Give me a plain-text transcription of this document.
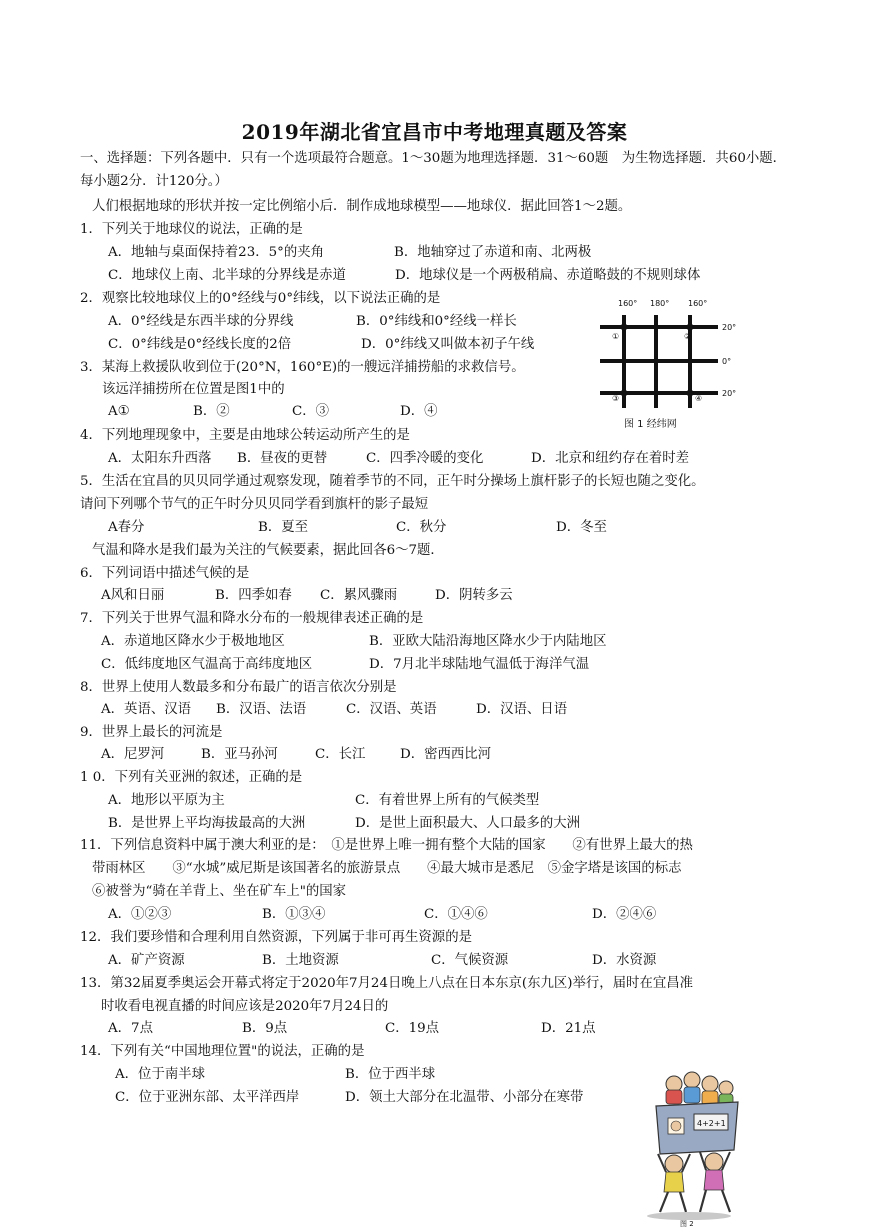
2019年湖北省宜昌市中考地理真题及答案
一、选择题：下列各题中．只有一个选项最符合题意。1～30题为地理选择题．31～60题　为生物选择题．共60小题．每小题2分．计120分。）
人们根据地球的形状并按一定比例缩小后．制作成地球模型——地球仪．据此回答1～2题。
1．下列关于地球仪的说法，正确的是
A．地轴与桌面保持着23．5°的夹角	B．地轴穿过了赤道和南、北两极
C．地球仪上南、北半球的分界线是赤道	D．地球仪是一个两极稍扁、赤道略鼓的不规则球体
2．观察比较地球仪上的0°经线与0°纬线，以下说法正确的是
A．0°经线是东西半球的分界线	B．0°纬线和0°经线一样长
C．0°纬线是0°经线长度的2倍	D．0°纬线又叫做本初子午线
3．某海上救援队收到位于(20°N，160°E)的一艘远洋捕捞船的求救信号。
该远洋捕捞所在位置是图1中的
A①	B．②	C．③	D．④
160° 180° 160°
20°
0°
20°
①	②
③	④
图 1 经纬网
4．下列地理现象中，主要是由地球公转运动所产生的是
A．太阳东升西落 B．昼夜的更替	C．四季冷暖的变化	D．北京和纽约存在着时差
5．生活在宜昌的贝贝同学通过观察发现，随着季节的不同，正午时分操场上旗杆影子的长短也随之变化。
请问下列哪个节气的正午时分贝贝同学看到旗杆的影子最短
A春分	B．夏至	C．秋分	D．冬至
气温和降水是我们最为关注的气候要素，据此回各6～7题．
6．下列词语中描述气候的是
A风和日丽	B．四季如春 C．累风骤雨	D．阴转多云
7．下列关于世界气温和降水分布的一般规律表述正确的是
A．赤道地区降水少于极地地区	B．亚欧大陆沿海地区降水少于内陆地区
C．低纬度地区气温高于高纬度地区	D．7月北半球陆地气温低于海洋气温
8．世界上使用人数最多和分布最广的语言依次分别是
A．英语、汉语 B．汉语、法语	C．汉语、英语	D．汉语、日语
9．世界上最长的河流是
A．尼罗河	B．亚马孙河	C．长江	D．密西西比河
1 0．下列有关亚洲的叙述，正确的是
A．地形以平原为主	C．有着世界上所有的气候类型
B．是世界上平均海拔最高的大洲	D．是世上面积最大、人口最多的大洲
11．下列信息资料中属于澳大利亚的是：　①是世界上唯一拥有整个大陆的国家　　②有世界上最大的热
带雨林区　　③“水城”威尼斯是该国著名的旅游景点　　④最大城市是悉尼　⑤金字塔是该国的标志
⑥被誉为“骑在羊背上、坐在矿车上"的国家
A．①②③	B．①③④	C．①④⑥	D．②④⑥
12．我们要珍惜和合理利用自然资源，下列属于非可再生资源的是
A．矿产资源	B．土地资源	C．气候资源	D．水资源
13．第32届夏季奥运会开幕式将定于2020年7月24日晚上八点在日本东京(东九区)举行，届时在宜昌准
时收看电视直播的时间应该是2020年7月24日的
A．7点	B．9点	C．19点	D．21点
14．下列有关“中国地理位置"的说法，正确的是
A．位于南半球	B．位于西半球
C．位于亚洲东部、太平洋西岸	D．领土大部分在北温带、小部分在寒带
4+2+1
图 2
